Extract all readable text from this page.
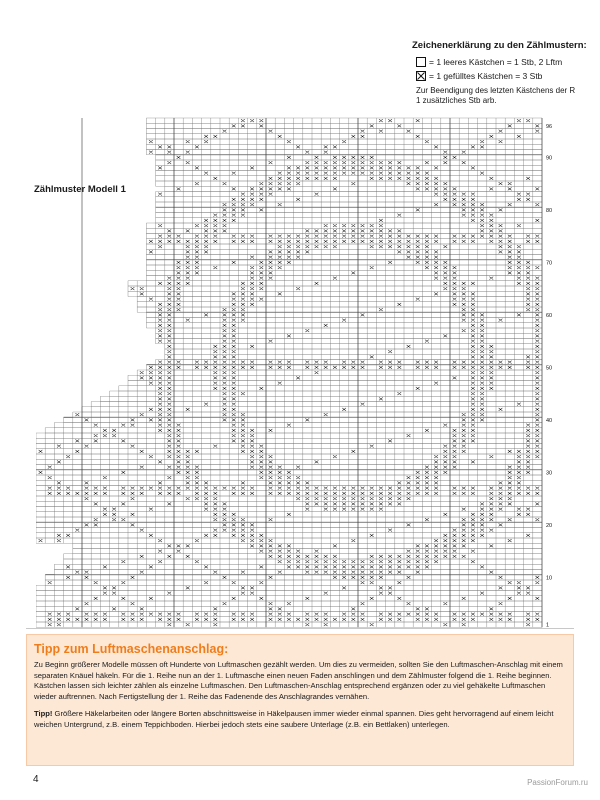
Zeichenerklärung zu den Zählmustern:
= 1 leeres Kästchen = 1 Stb, 2 Lftm
= 1 gefülltes Kästchen = 3 Stb
Zur Beendigung des letzten Kästchens der R 1 zusätzliches Stb arb.
Zählmuster Modell 1
1
10
20
30
40
50
60
70
80
90
96
Tipp zum Luftmaschenanschlag:

Zu Beginn größerer Modelle müssen oft Hunderte von Luftmaschen gezählt werden. Um dies zu vermeiden, sollten Sie den Luftmaschen-Anschlag mit einem separaten Knäuel häkeln. Für die 1. Reihe nun an der 1. Luftmasche einen neuen Faden anschlingen und dem Zählmuster folgend die 1. Reihe beginnen. Kästchen lassen sich leichter zählen als einzelne Luftmaschen. Den Luftmaschen-Anschlag entsprechend ergänzen oder zu viel gehäkelte Luftmaschen wieder auftrennen. Nach Fertigstellung der 1. Reihe das Fadenende des Anschlagrandes vernähen.

Tipp! Größere Häkelarbeiten oder längere Borten abschnittsweise in Häkelpausen immer wieder einmal spannen. Dies geht hervorragend auf einem leicht weichen Untergrund, z.B. einem Teppichboden. Hierbei jedoch stets eine saubere Unterlage (z.B. ein Bettlaken) unterlegen.

4	PassionForum.ru
